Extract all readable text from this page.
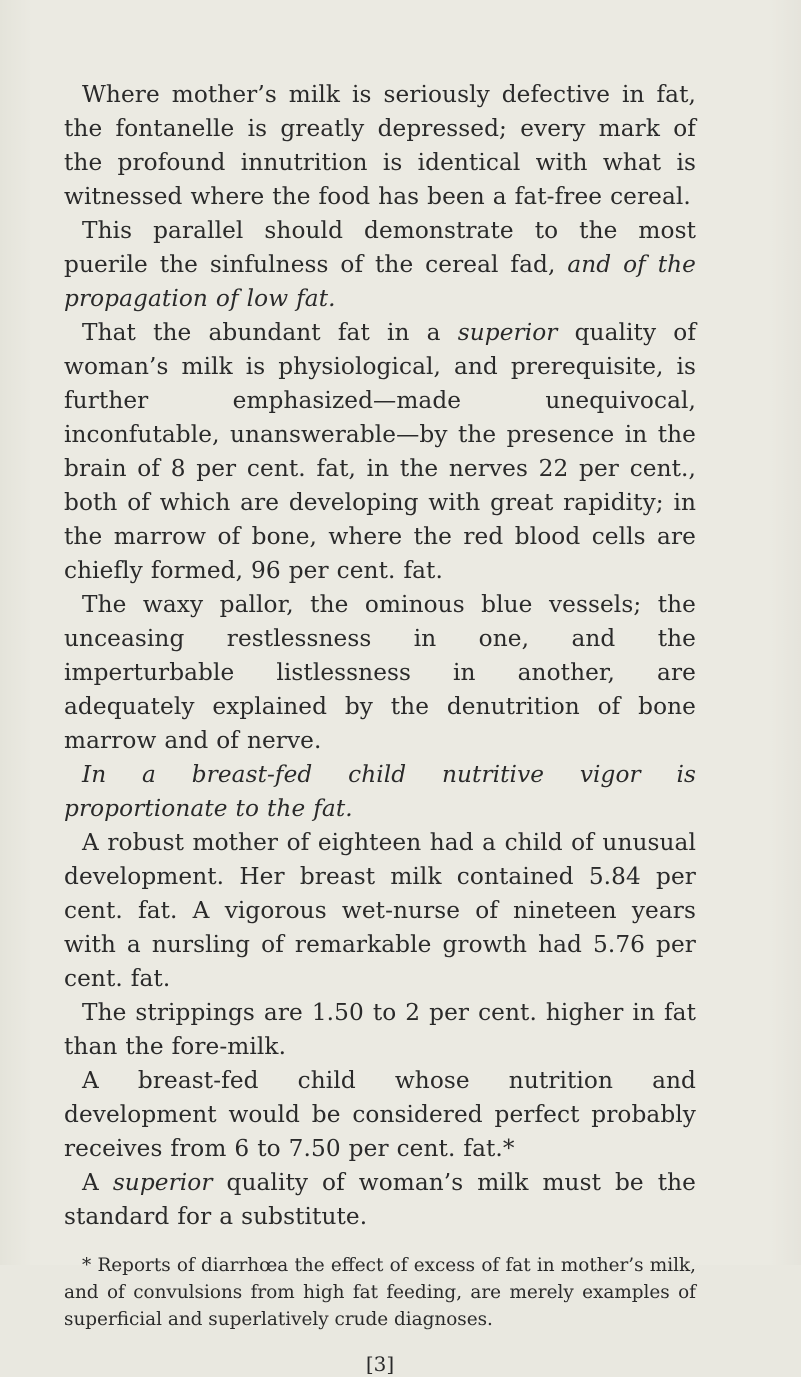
Where mother’s milk is seriously defective in fat, the fontanelle is greatly depressed; every mark of the profound innutrition is identical with what is witnessed where the food has been a fat-free cereal.

This parallel should demonstrate to the most puerile the sinfulness of the cereal fad, and of the propagation of low fat.

That the abundant fat in a superior quality of woman’s milk is physiological, and prerequisite, is further emphasized—made unequivocal, inconfutable, unanswerable—by the presence in the brain of 8 per cent. fat, in the nerves 22 per cent., both of which are developing with great rapidity; in the marrow of bone, where the red blood cells are chiefly formed, 96 per cent. fat.

The waxy pallor, the ominous blue vessels; the unceasing restlessness in one, and the imperturbable listlessness in another, are adequately explained by the denutrition of bone marrow and of nerve.

In a breast-fed child nutritive vigor is proportionate to the fat.

A robust mother of eighteen had a child of unusual development. Her breast milk contained 5.84 per cent. fat. A vigorous wet-nurse of nineteen years with a nursling of remarkable growth had 5.76 per cent. fat.

The strippings are 1.50 to 2 per cent. higher in fat than the fore-milk.

A breast-fed child whose nutrition and development would be considered perfect probably receives from 6 to 7.50 per cent. fat.*

A superior quality of woman’s milk must be the standard for a substitute.

* Reports of diarrhœa the effect of excess of fat in mother’s milk, and of convulsions from high fat feeding, are merely examples of superficial and superlatively crude diagnoses.

[3]
